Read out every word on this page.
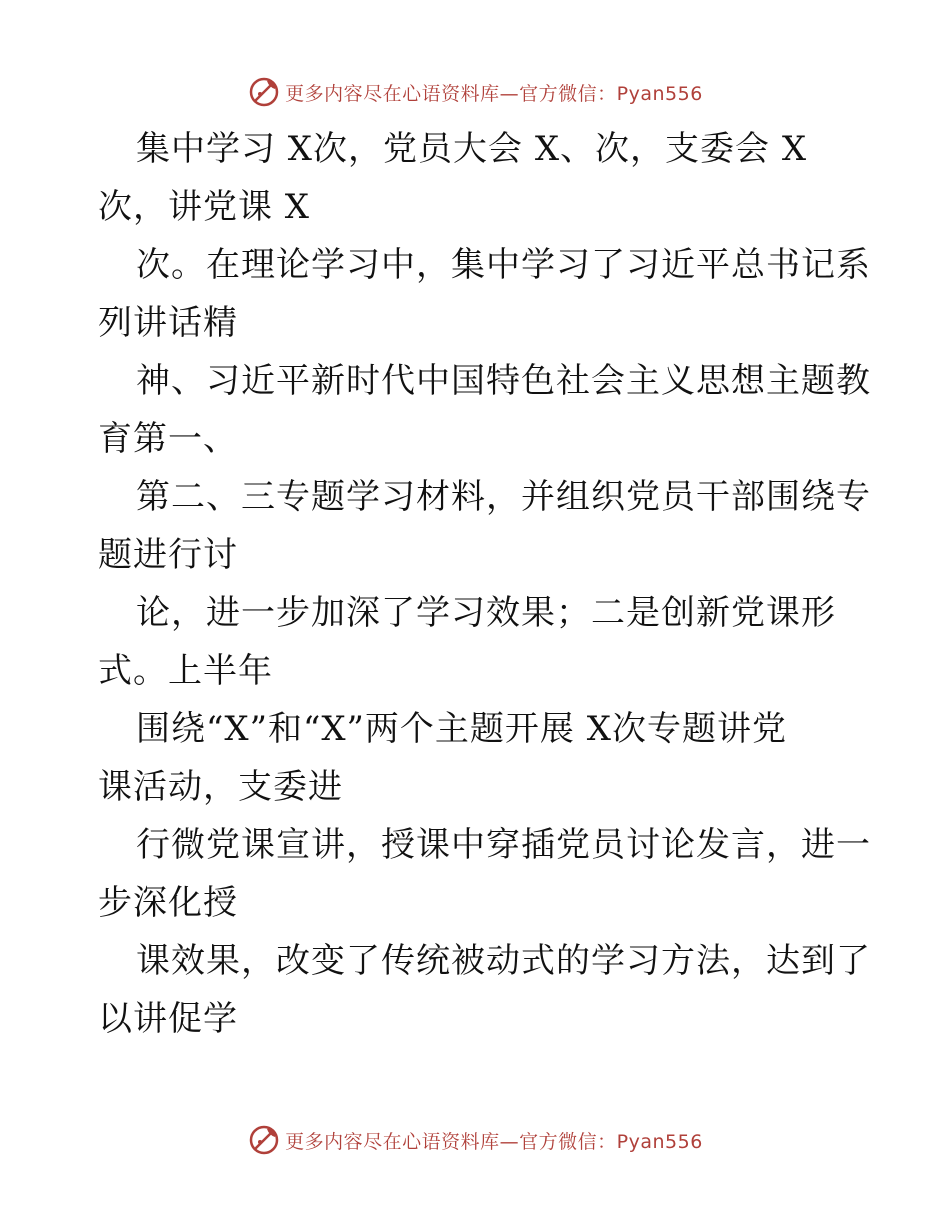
更多内容尽在心语资料库—官方微信：Pyan556
集中学习 X次，党员大会 X、次，支委会 X
次，讲党课 X
次。在理论学习中，集中学习了习近平总书记系
列讲话精
神、习近平新时代中国特色社会主义思想主题教
育第一、
第二、三专题学习材料，并组织党员干部围绕专
题进行讨
论，进一步加深了学习效果；二是创新党课形
式。上半年
围绕“X”和“X”两个主题开展 X次专题讲党
课活动，支委进
行微党课宣讲，授课中穿插党员讨论发言，进一
步深化授
课效果，改变了传统被动式的学习方法，达到了
以讲促学
更多内容尽在心语资料库—官方微信：Pyan556
